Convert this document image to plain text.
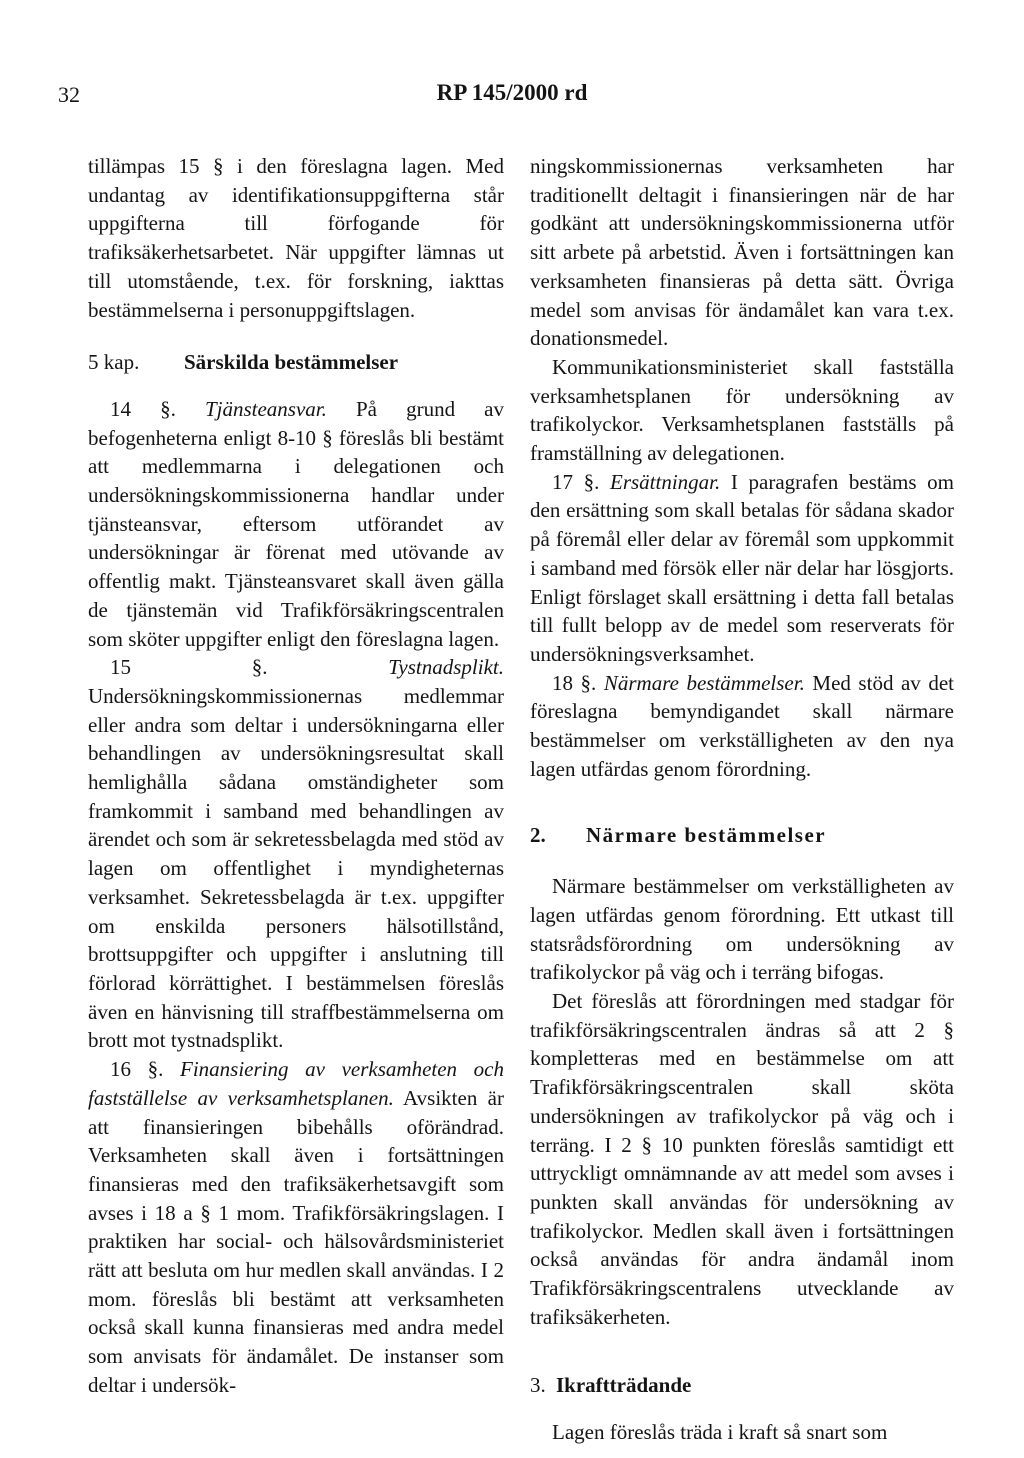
32	RP 145/2000 rd

tillämpas 15 § i den föreslagna lagen. Med undantag av identifikationsuppgifterna står uppgifterna till förfogande för trafiksäkerhetsarbetet. När uppgifter lämnas ut till utomstående, t.ex. för forskning, iakttas bestämmelserna i personuppgiftslagen.

5 kap.	Särskilda bestämmelser

14 §. Tjänsteansvar. På grund av befogenheterna enligt 8-10 § föreslås bli bestämt att medlemmarna i delegationen och undersökningskommissionerna handlar under tjänsteansvar, eftersom utförandet av undersökningar är förenat med utövande av offentlig makt. Tjänsteansvaret skall även gälla de tjänstemän vid Trafikförsäkringscentralen som sköter uppgifter enligt den föreslagna lagen.

15 §. Tystnadsplikt. Undersökningskommissionernas medlemmar eller andra som deltar i undersökningarna eller behandlingen av undersökningsresultat skall hemlighålla sådana omständigheter som framkommit i samband med behandlingen av ärendet och som är sekretessbelagda med stöd av lagen om offentlighet i myndigheternas verksamhet. Sekretessbelagda är t.ex. uppgifter om enskilda personers hälsotillstånd, brottsuppgifter och uppgifter i anslutning till förlorad körrättighet. I bestämmelsen föreslås även en hänvisning till straffbestämmelserna om brott mot tystnadsplikt.

16 §. Finansiering av verksamheten och fastställelse av verksamhetsplanen. Avsikten är att finansieringen bibehålls oförändrad. Verksamheten skall även i fortsättningen finansieras med den trafiksäkerhetsavgift som avses i 18 a § 1 mom. Trafikförsäkringslagen. I praktiken har social- och hälsovårdsministeriet rätt att besluta om hur medlen skall användas. I 2 mom. föreslås bli bestämt att verksamheten också skall kunna finansieras med andra medel som anvisats för ändamålet. De instanser som deltar i undersök-

ningskommissionernas verksamheten har traditionellt deltagit i finansieringen när de har godkänt att undersökningskommissionerna utför sitt arbete på arbetstid. Även i fortsättningen kan verksamheten finansieras på detta sätt. Övriga medel som anvisas för ändamålet kan vara t.ex. donationsmedel.

Kommunikationsministeriet skall fastställa verksamhetsplanen för undersökning av trafikolyckor. Verksamhetsplanen fastställs på framställning av delegationen.

17 §. Ersättningar. I paragrafen bestäms om den ersättning som skall betalas för sådana skador på föremål eller delar av föremål som uppkommit i samband med försök eller när delar har lösgjorts. Enligt förslaget skall ersättning i detta fall betalas till fullt belopp av de medel som reserverats för undersökningsverksamhet.

18 §. Närmare bestämmelser. Med stöd av det föreslagna bemyndigandet skall närmare bestämmelser om verkställigheten av den nya lagen utfärdas genom förordning.

2.	Närmare bestämmelser

Närmare bestämmelser om verkställigheten av lagen utfärdas genom förordning. Ett utkast till statsrådsförordning om undersökning av trafikolyckor på väg och i terräng bifogas.

Det föreslås att förordningen med stadgar för trafikförsäkringscentralen ändras så att 2 § kompletteras med en bestämmelse om att Trafikförsäkringscentralen skall sköta undersökningen av trafikolyckor på väg och i terräng. I 2 § 10 punkten föreslås samtidigt ett uttryckligt omnämnande av att medel som avses i punkten skall användas för undersökning av trafikolyckor. Medlen skall även i fortsättningen också användas för andra ändamål inom Trafikförsäkringscentralens utvecklande av trafiksäkerheten.

3. Ikraftträdande

Lagen föreslås träda i kraft så snart som
